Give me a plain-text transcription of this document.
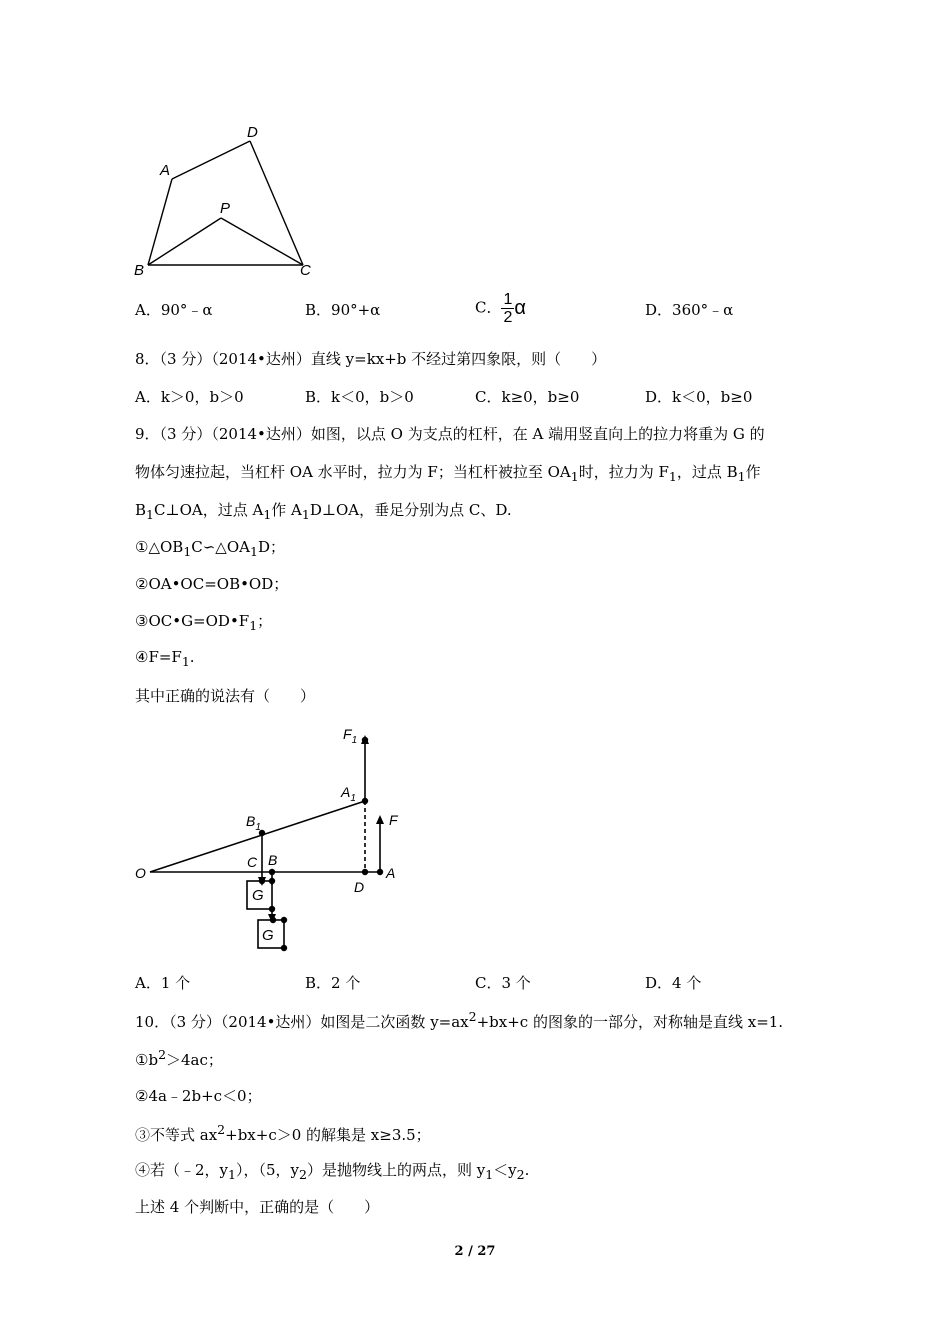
A
D
P
B	C
A．90°﹣α	B．90°+α	C． $\frac{1}{2}$ α	D．360°﹣α
8．（3 分）（2014•达州）直线 y=kx+b 不经过第四象限，则（　　）
A．k＞0，b＞0	B．k＜0，b＞0	C．k≥0，b≥0	D．k＜0，b≥0
9．（3 分）（2014•达州）如图，以点 O 为支点的杠杆，在 A 端用竖直向上的拉力将重为 G 的
物体匀速拉起，当杠杆 OA 水平时，拉力为 F；当杠杆被拉至 $OA_1$时，拉力为 $F_1$，过点 $B_1$作
$B_1C\perp OA$，过点 $A_1$作 $A_1D\perp OA$，垂足分别为点 C、D.
$①\triangle OB_1C∽\triangle OA_1D$；
②OA•OC=OB•OD；
$③OC•G=OD•F_1$；
$④F=F_1$.
其中正确的说法有（　　）
G
G
$F_1$
$A_1$
$B_1$	F
O
C B
D
A
A．1 个	B．2 个	C．3 个	D．4 个
10．（3 分）（2014•达州）如图是二次函数 $y=ax^2+bx+c$ 的图象的一部分，对称轴是直线 x=1.
$①b^2>4ac$；
②4a﹣2b+c＜0；
③不等式 $ax^2+bx+c>0$ 的解集是 x≥3.5；
④若（﹣2，$y_1$），（5，$y_2$）是抛物线上的两点，则 $y_1<y_2$.
上述 4 个判断中，正确的是（　　）
2 / 27
